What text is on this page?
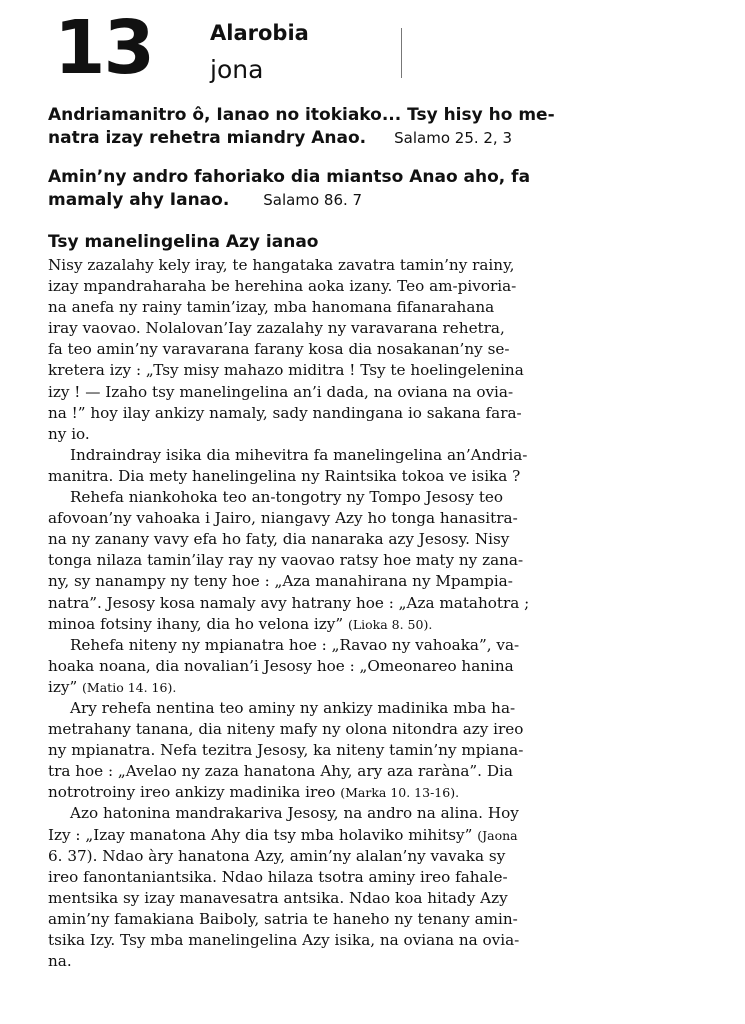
13	Alarobia
jona
Andriamanitro ô, Ianao no itokiako... Tsy hisy ho me-
natra izay rehetra miandry Anao. Salamo 25. 2, 3
Amin’ny andro fahoriako dia miantso Anao aho, fa
mamaly ahy Ianao. Salamo 86. 7
Tsy manelingelina Azy ianao
Nisy zazalahy kely iray, te hangataka zavatra tamin’ny rainy,
izay mpandraharaha be herehina aoka izany. Teo am-pivoria-
na anefa ny rainy tamin’izay, mba hanomana fifanarahana
iray vaovao. Nolalovan’Iay zazalahy ny varavarana rehetra,
fa teo amin’ny varavarana farany kosa dia nosakanan’ny se-
kretera izy : „Tsy misy mahazo miditra ! Tsy te hoelingelenina
izy ! — Izaho tsy manelingelina an’i dada, na oviana na ovia-
na !” hoy ilay ankizy namaly, sady nandingana io sakana fara-
ny io.
Indraindray isika dia mihevitra fa manelingelina an’Andria-
manitra. Dia mety hanelingelina ny Raintsika tokoa ve isika ?
Rehefa niankohoka teo an-tongotry ny Tompo Jesosy teo
afovoan’ny vahoaka i Jairo, niangavy Azy ho tonga hanasitra-
na ny zanany vavy efa ho faty, dia nanaraka azy Jesosy. Nisy
tonga nilaza tamin’ilay ray ny vaovao ratsy hoe maty ny zana-
ny, sy nanampy ny teny hoe : „Aza manahirana ny Mpampia-
natra”. Jesosy kosa namaly avy hatrany hoe : „Aza matahotra ;
minoa fotsiny ihany, dia ho velona izy” (Lioka 8. 50).
Rehefa niteny ny mpianatra hoe : „Ravao ny vahoaka”, va-
hoaka noana, dia novalian’i Jesosy hoe : „Omeonareo hanina
izy” (Matio 14. 16).
Ary rehefa nentina teo aminy ny ankizy madinika mba ha-
metrahany tanana, dia niteny mafy ny olona nitondra azy ireo
ny mpianatra. Nefa tezitra Jesosy, ka niteny tamin’ny mpiana-
tra hoe : „Avelao ny zaza hanatona Ahy, ary aza raràna”. Dia
notrotroiny ireo ankizy madinika ireo (Marka 10. 13-16).
Azo hatonina mandrakariva Jesosy, na andro na alina. Hoy
Izy : „Izay manatona Ahy dia tsy mba holaviko mihitsy” (Jaona
6. 37). Ndao àry hanatona Azy, amin’ny alalan’ny vavaka sy
ireo fanontaniantsika. Ndao hilaza tsotra aminy ireo fahale-
mentsika sy izay manavesatra antsika. Ndao koa hitady Azy
amin’ny famakiana Baiboly, satria te haneho ny tenany amin-
tsika Izy. Tsy mba manelingelina Azy isika, na oviana na ovia-
na.
